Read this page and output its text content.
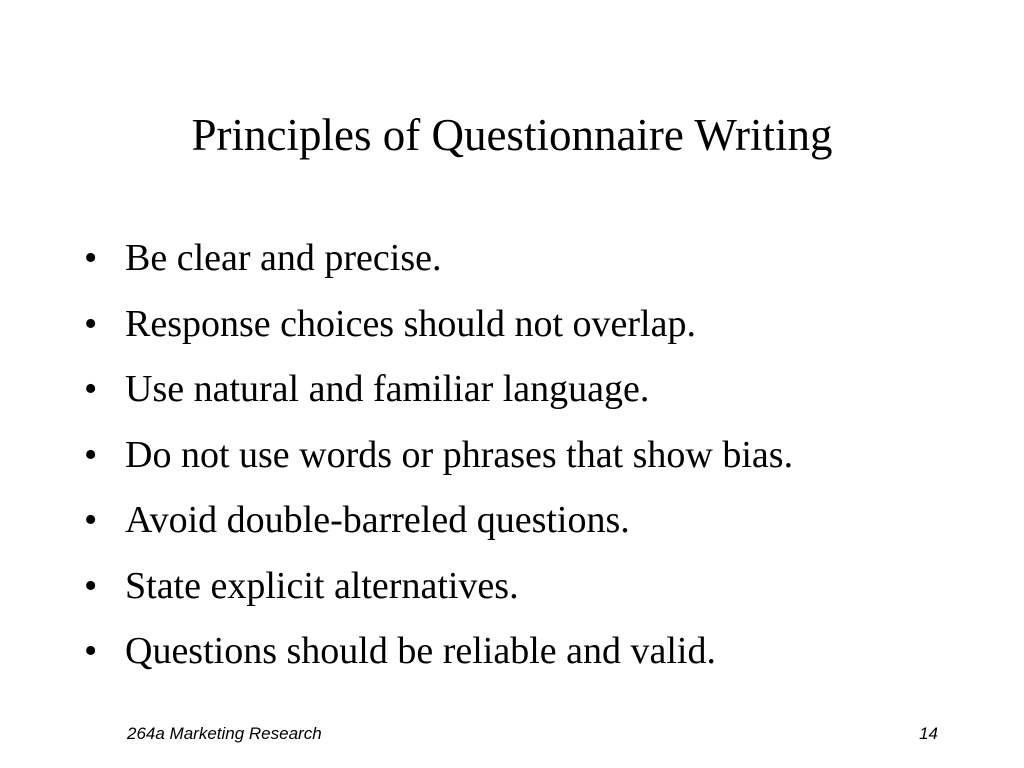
Principles of Questionnaire Writing
• Be clear and precise.
• Response choices should not overlap.
• Use natural and familiar language.
• Do not use words or phrases that show bias.
• Avoid double-barreled questions.
• State explicit alternatives.
• Questions should be reliable and valid.
264a Marketing Research	14
